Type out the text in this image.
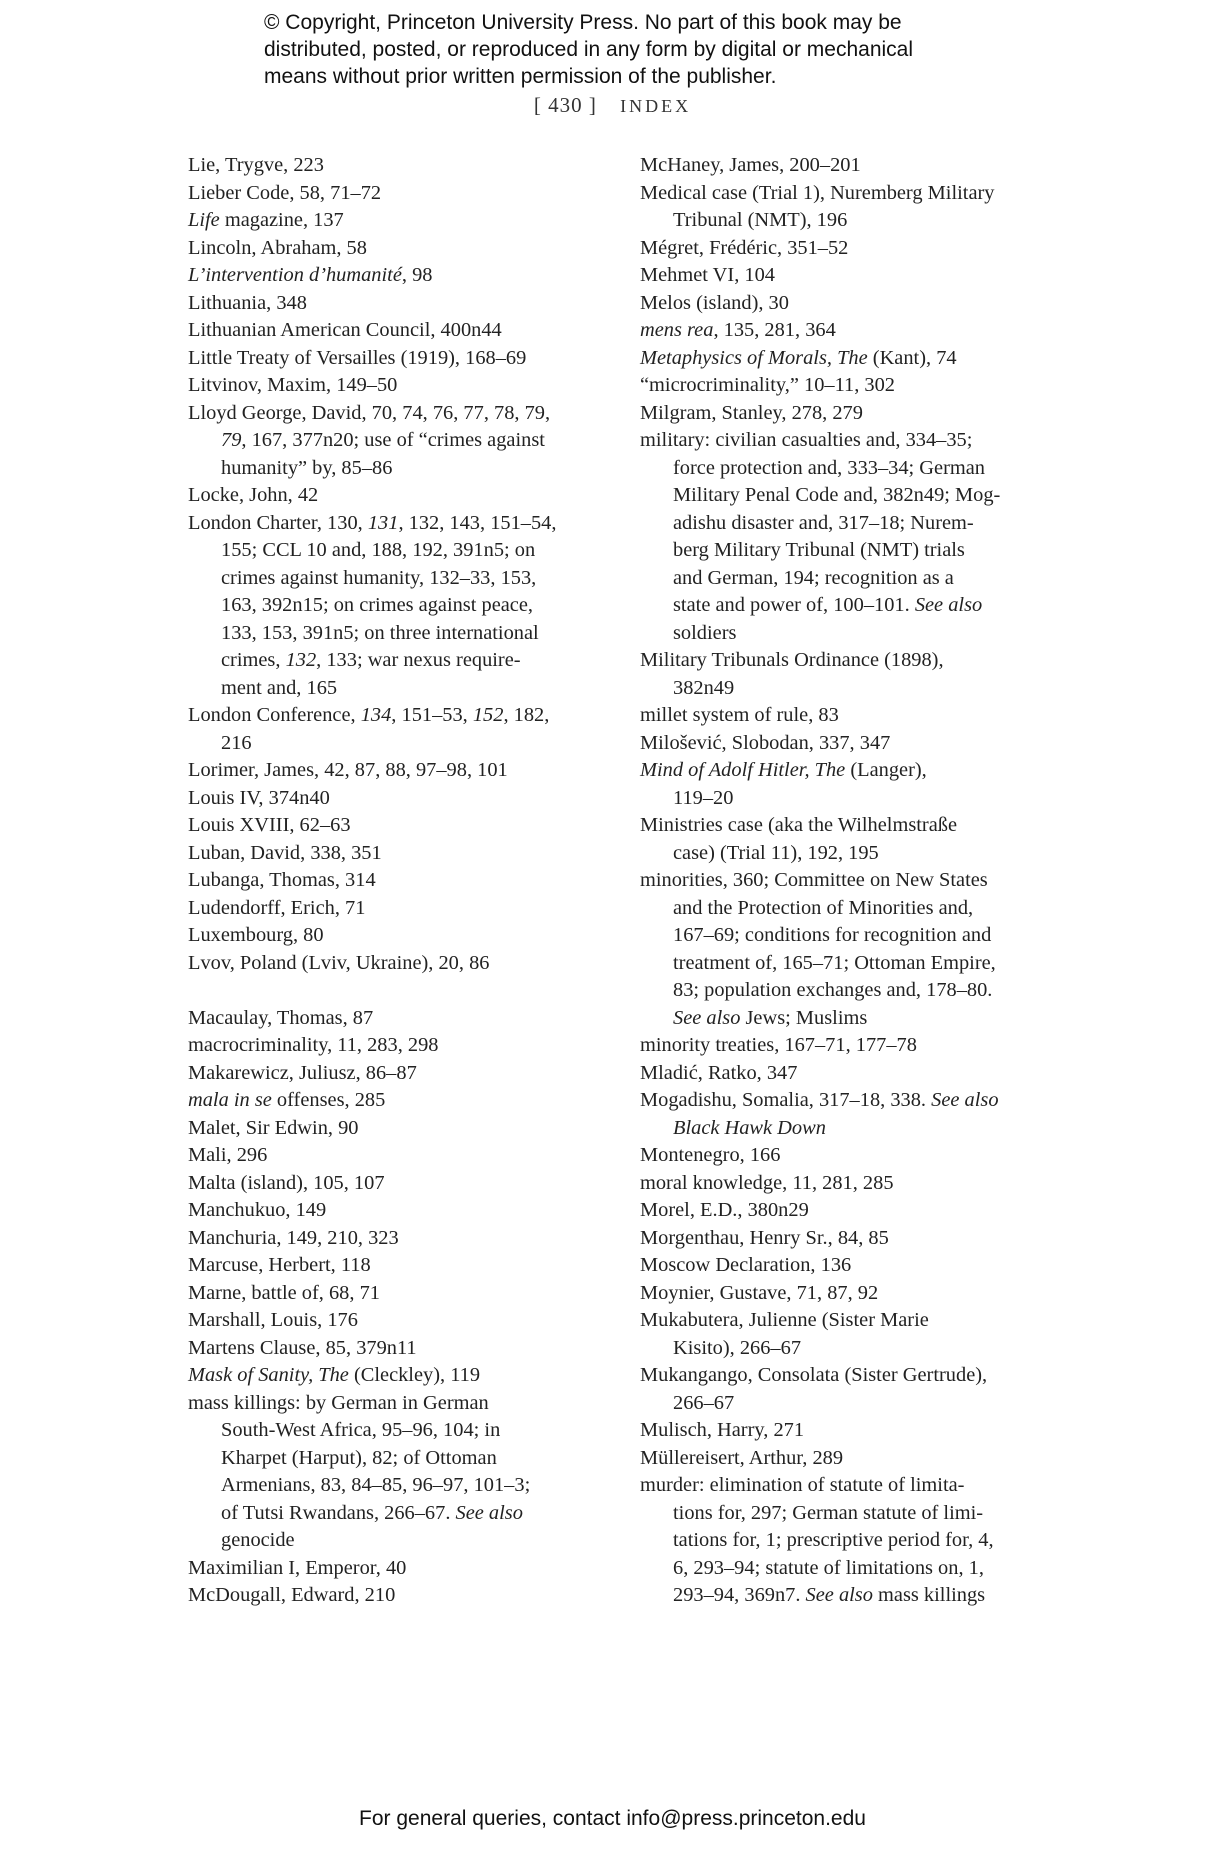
© Copyright, Princeton University Press. No part of this book may be
distributed, posted, or reproduced in any form by digital or mechanical
means without prior written permission of the publisher.
[ 430 ] INDEX
Lie, Trygve, 223
Lieber Code, 58, 71–72
Life magazine, 137
Lincoln, Abraham, 58
L’intervention d’humanité, 98
Lithuania, 348
Lithuanian American Council, 400n44
Little Treaty of Versailles (1919), 168–69
Litvinov, Maxim, 149–50
Lloyd George, David, 70, 74, 76, 77, 78, 79,
79, 167, 377n20; use of “crimes against
humanity” by, 85–86
Locke, John, 42
London Charter, 130, 131, 132, 143, 151–54,
155; CCL 10 and, 188, 192, 391n5; on
crimes against humanity, 132–33, 153,
163, 392n15; on crimes against peace,
133, 153, 391n5; on three international
crimes, 132, 133; war nexus require-
ment and, 165
London Conference, 134, 151–53, 152, 182,
216
Lorimer, James, 42, 87, 88, 97–98, 101
Louis IV, 374n40
Louis XVIII, 62–63
Luban, David, 338, 351
Lubanga, Thomas, 314
Ludendorff, Erich, 71
Luxembourg, 80
Lvov, Poland (Lviv, Ukraine), 20, 86
Macaulay, Thomas, 87
macrocriminality, 11, 283, 298
Makarewicz, Juliusz, 86–87
mala in se offenses, 285
Malet, Sir Edwin, 90
Mali, 296
Malta (island), 105, 107
Manchukuo, 149
Manchuria, 149, 210, 323
Marcuse, Herbert, 118
Marne, battle of, 68, 71
Marshall, Louis, 176
Martens Clause, 85, 379n11
Mask of Sanity, The (Cleckley), 119
mass killings: by German in German
South-West Africa, 95–96, 104; in
Kharpet (Harput), 82; of Ottoman
Armenians, 83, 84–85, 96–97, 101–3;
of Tutsi Rwandans, 266–67. See also
genocide
Maximilian I, Emperor, 40
McDougall, Edward, 210
McHaney, James, 200–201
Medical case (Trial 1), Nuremberg Military
Tribunal (NMT), 196
Mégret, Frédéric, 351–52
Mehmet VI, 104
Melos (island), 30
mens rea, 135, 281, 364
Metaphysics of Morals, The (Kant), 74
“microcriminality,” 10–11, 302
Milgram, Stanley, 278, 279
military: civilian casualties and, 334–35;
force protection and, 333–34; German
Military Penal Code and, 382n49; Mog-
adishu disaster and, 317–18; Nurem-
berg Military Tribunal (NMT) trials
and German, 194; recognition as a
state and power of, 100–101. See also
soldiers
Military Tribunals Ordinance (1898),
382n49
millet system of rule, 83
Milošević, Slobodan, 337, 347
Mind of Adolf Hitler, The (Langer),
119–20
Ministries case (aka the Wilhelmstraße
case) (Trial 11), 192, 195
minorities, 360; Committee on New States
and the Protection of Minorities and,
167–69; conditions for recognition and
treatment of, 165–71; Ottoman Empire,
83; population exchanges and, 178–80.
See also Jews; Muslims
minority treaties, 167–71, 177–78
Mladić, Ratko, 347
Mogadishu, Somalia, 317–18, 338. See also
Black Hawk Down
Montenegro, 166
moral knowledge, 11, 281, 285
Morel, E.D., 380n29
Morgenthau, Henry Sr., 84, 85
Moscow Declaration, 136
Moynier, Gustave, 71, 87, 92
Mukabutera, Julienne (Sister Marie
Kisito), 266–67
Mukangango, Consolata (Sister Gertrude),
266–67
Mulisch, Harry, 271
Müllereisert, Arthur, 289
murder: elimination of statute of limita-
tions for, 297; German statute of limi-
tations for, 1; prescriptive period for, 4,
6, 293–94; statute of limitations on, 1,
293–94, 369n7. See also mass killings
For general queries, contact info@press.princeton.edu
